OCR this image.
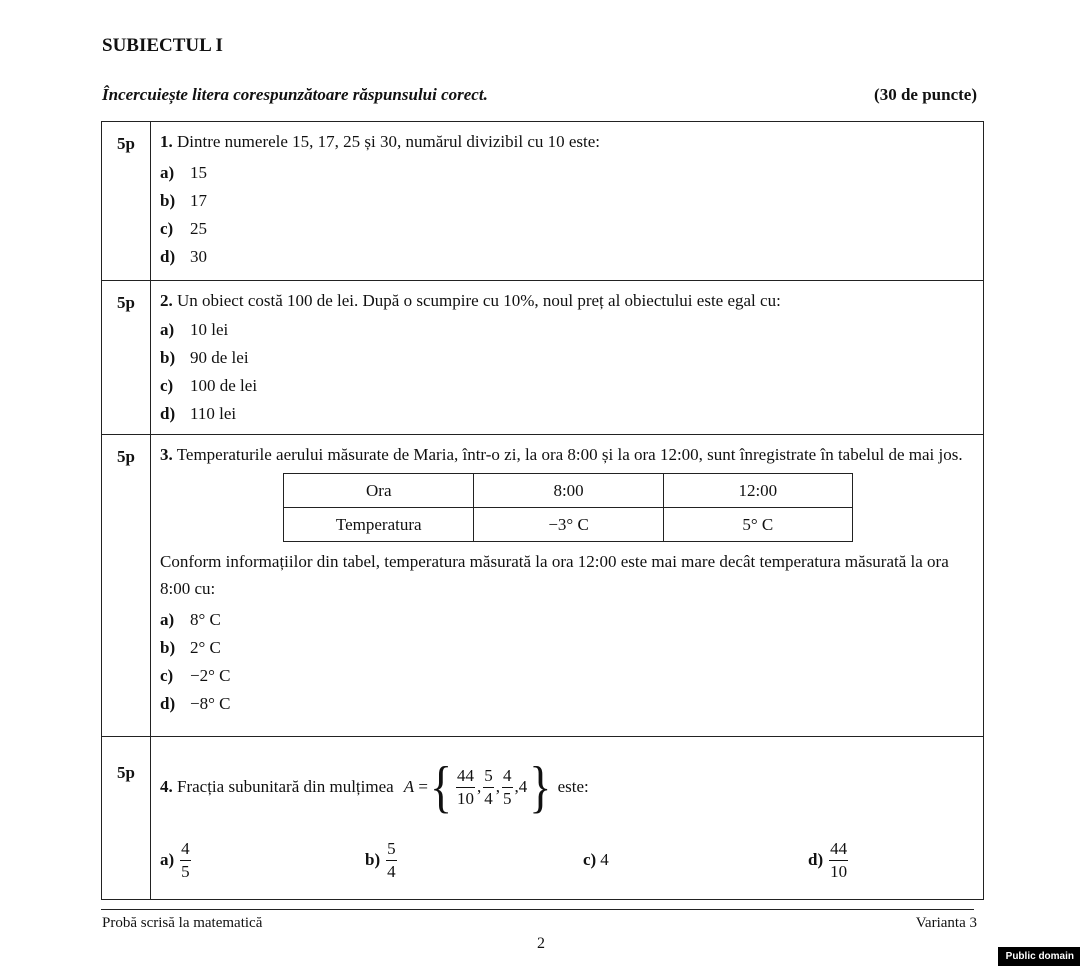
SUBIECTUL I
Încercuiește litera corespunzătoare răspunsului corect.	(30 de puncte)
5p	1. Dintre numerele 15, 17, 25 și 30, numărul divizibil cu 10 este:
a) 15
b) 17
c) 25
d) 30

5p	2. Un obiect costă 100 de lei. După o scumpire cu 10%, noul preț al obiectului este egal cu:
a) 10 lei
b) 90 de lei
c) 100 de lei
d) 110 lei

5p	3. Temperaturile aerului măsurate de Maria, într-o zi, la ora 8:00 și la ora 12:00, sunt înregistrate în tabelul de mai jos.
Ora	8:00	12:00
Temperatura	−3° C	5° C
Conform informațiilor din tabel, temperatura măsurată la ora 12:00 este mai mare decât temperatura măsurată la ora 8:00 cu:
a) 8° C
b) 2° C
c) −2° C
d) −8° C

5p	
4.
Fracția subunitară din mulțimea A = { $\frac{44}{10}$ , $\frac{5}{4}$ , $\frac{4}{5}$ , 4 }
este:
$a) \frac{4}{5}$	$b) \frac{5}{4}$	c) 4	$d) \frac{44}{10}$
Probă scrisă la matematică	Varianta 3
2
Public domain
